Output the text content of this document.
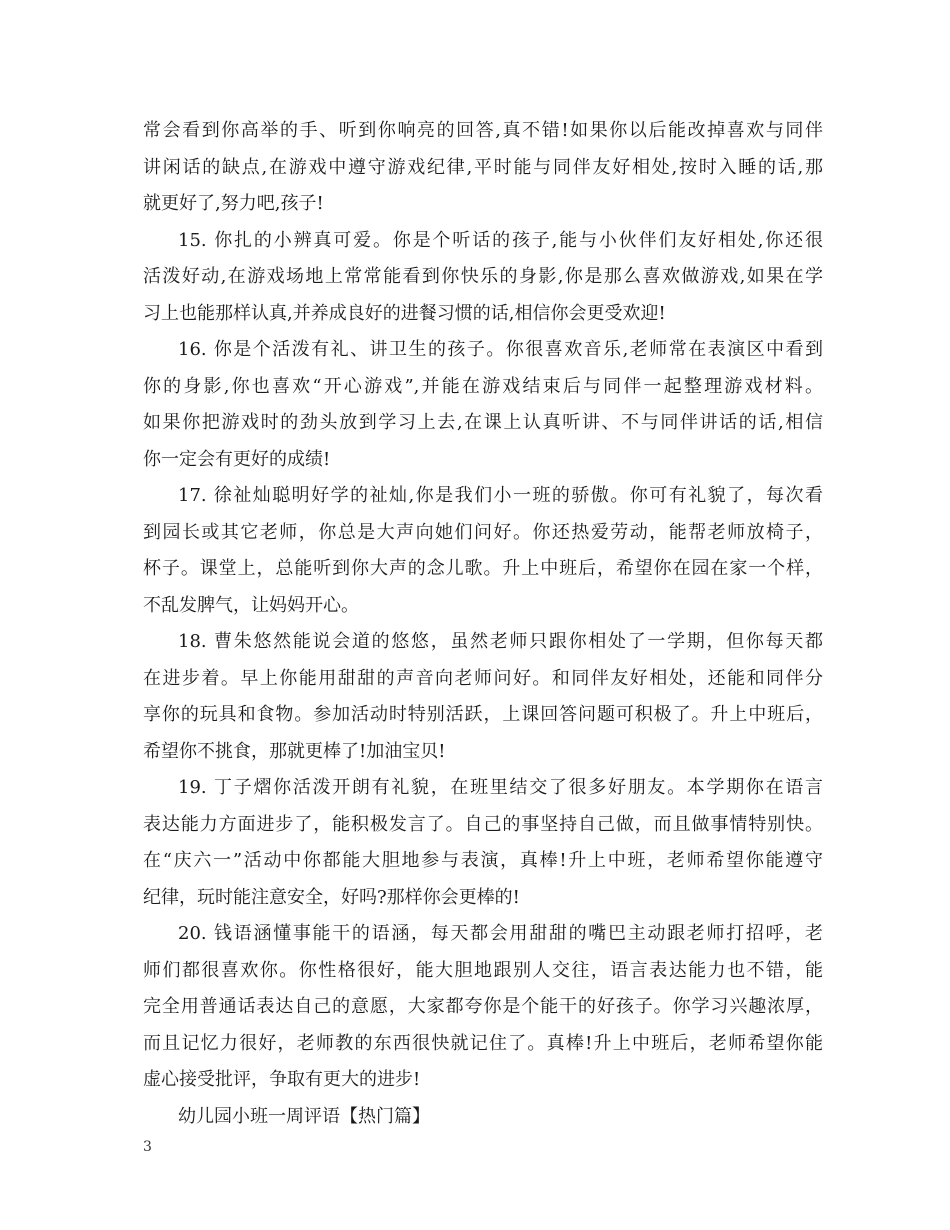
常会看到你高举的手、听到你响亮的回答,真不错!如果你以后能改掉喜欢与同伴
讲闲话的缺点,在游戏中遵守游戏纪律,平时能与同伴友好相处,按时入睡的话,那
就更好了,努力吧,孩子!
15. 你扎的小辨真可爱。你是个听话的孩子,能与小伙伴们友好相处,你还很
活泼好动,在游戏场地上常常能看到你快乐的身影,你是那么喜欢做游戏,如果在学
习上也能那样认真,并养成良好的进餐习惯的话,相信你会更受欢迎!
16. 你是个活泼有礼、讲卫生的孩子。你很喜欢音乐,老师常在表演区中看到
你的身影,你也喜欢“开心游戏”,并能在游戏结束后与同伴一起整理游戏材料。
如果你把游戏时的劲头放到学习上去,在课上认真听讲、不与同伴讲话的话,相信
你一定会有更好的成绩!
17. 徐祉灿聪明好学的祉灿,你是我们小一班的骄傲。你可有礼貌了，每次看
到园长或其它老师，你总是大声向她们问好。你还热爱劳动，能帮老师放椅子，
杯子。课堂上，总能听到你大声的念儿歌。升上中班后，希望你在园在家一个样，
不乱发脾气，让妈妈开心。
18. 曹朱悠然能说会道的悠悠，虽然老师只跟你相处了一学期，但你每天都
在进步着。早上你能用甜甜的声音向老师问好。和同伴友好相处，还能和同伴分
享你的玩具和食物。参加活动时特别活跃，上课回答问题可积极了。升上中班后，
希望你不挑食，那就更棒了!加油宝贝!
19. 丁子熠你活泼开朗有礼貌，在班里结交了很多好朋友。本学期你在语言
表达能力方面进步了，能积极发言了。自己的事坚持自己做，而且做事情特别快。
在“庆六一”活动中你都能大胆地参与表演，真棒!升上中班，老师希望你能遵守
纪律，玩时能注意安全，好吗?那样你会更棒的!
20. 钱语涵懂事能干的语涵，每天都会用甜甜的嘴巴主动跟老师打招呼，老
师们都很喜欢你。你性格很好，能大胆地跟别人交往，语言表达能力也不错，能
完全用普通话表达自己的意愿，大家都夸你是个能干的好孩子。你学习兴趣浓厚，
而且记忆力很好，老师教的东西很快就记住了。真棒!升上中班后，老师希望你能
虚心接受批评，争取有更大的进步!
幼儿园小班一周评语【热门篇】
3
